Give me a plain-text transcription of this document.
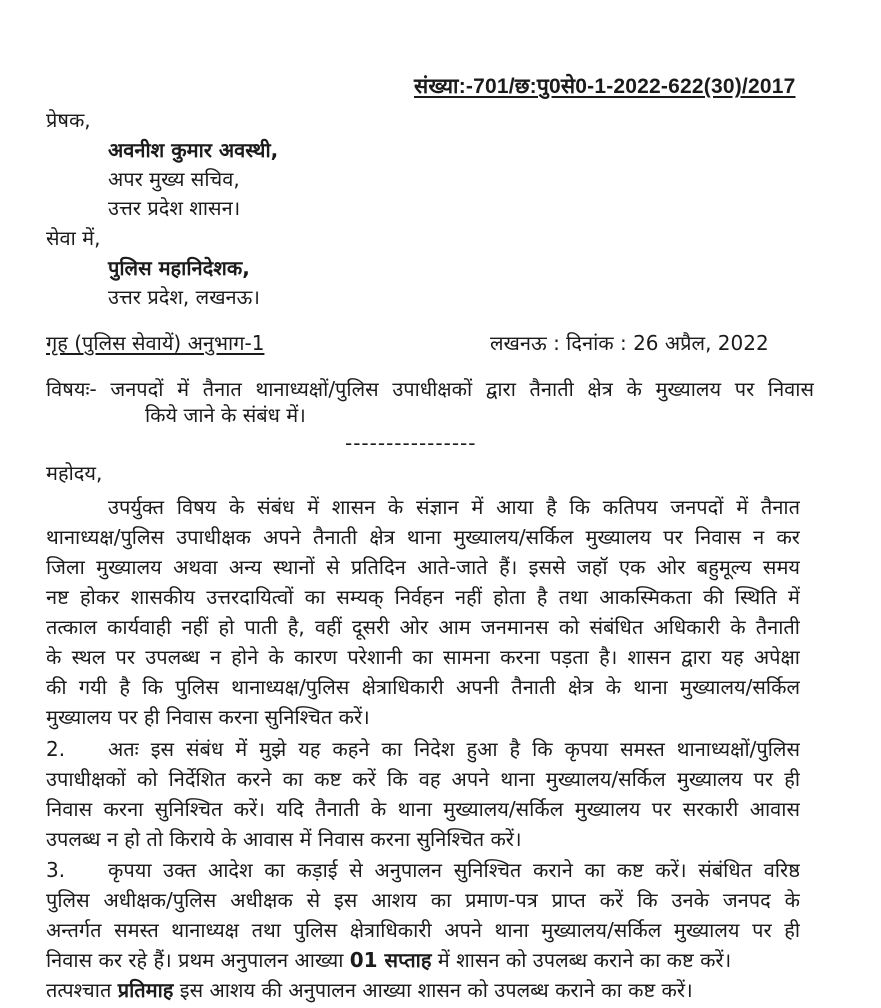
संख्या:-701/छ:पु0से0-1-2022-622(30)/2017
प्रेषक,
अवनीश कुमार अवस्थी,
अपर मुख्य सचिव,
उत्तर प्रदेश शासन।
सेवा में,
पुलिस महानिदेशक,
उत्तर प्रदेश, लखनऊ।
गृह (पुलिस सेवायें) अनुभाग-1	लखनऊ : दिनांक : 26 अप्रैल, 2022
विषयः- जनपदों में तैनात थानाध्यक्षों/पुलिस उपाधीक्षकों द्वारा तैनाती क्षेत्र के मुख्यालय पर निवास
किये जाने के संबंध में।
----------------
महोदय,
उपर्युक्त विषय के संबंध में शासन के संज्ञान में आया है कि कतिपय जनपदों में तैनात
थानाध्यक्ष/पुलिस उपाधीक्षक अपने तैनाती क्षेत्र थाना मुख्यालय/सर्किल मुख्यालय पर निवास न कर
जिला मुख्यालय अथवा अन्य स्थानों से प्रतिदिन आते-जाते हैं। इससे जहॉ एक ओर बहुमूल्य समय
नष्ट होकर शासकीय उत्तरदायित्वों का सम्यक् निर्वहन नहीं होता है तथा आकस्मिकता की स्थिति में
तत्काल कार्यवाही नहीं हो पाती है, वहीं दूसरी ओर आम जनमानस को संबंधित अधिकारी के तैनाती
के स्थल पर उपलब्ध न होने के कारण परेशानी का सामना करना पड़ता है। शासन द्वारा यह अपेक्षा
की गयी है कि पुलिस थानाध्यक्ष/पुलिस क्षेत्राधिकारी अपनी तैनाती क्षेत्र के थाना मुख्यालय/सर्किल
मुख्यालय पर ही निवास करना सुनिश्चित करें।
2. अतः इस संबंध में मुझे यह कहने का निदेश हुआ है कि कृपया समस्त थानाध्यक्षों/पुलिस
उपाधीक्षकों को निर्देशित करने का कष्ट करें कि वह अपने थाना मुख्यालय/सर्किल मुख्यालय पर ही
निवास करना सुनिश्चित करें। यदि तैनाती के थाना मुख्यालय/सर्किल मुख्यालय पर सरकारी आवास
उपलब्ध न हो तो किराये के आवास में निवास करना सुनिश्चित करें।
3. कृपया उक्त आदेश का कड़ाई से अनुपालन सुनिश्चित कराने का कष्ट करें। संबंधित वरिष्ठ
पुलिस अधीक्षक/पुलिस अधीक्षक से इस आशय का प्रमाण-पत्र प्राप्त करें कि उनके जनपद के
अन्तर्गत समस्त थानाध्यक्ष तथा पुलिस क्षेत्राधिकारी अपने थाना मुख्यालय/सर्किल मुख्यालय पर ही
निवास कर रहे हैं। प्रथम अनुपालन आख्या 01 सप्ताह में शासन को उपलब्ध कराने का कष्ट करें।
तत्पश्चात प्रतिमाह इस आशय की अनुपालन आख्या शासन को उपलब्ध कराने का कष्ट करें।
